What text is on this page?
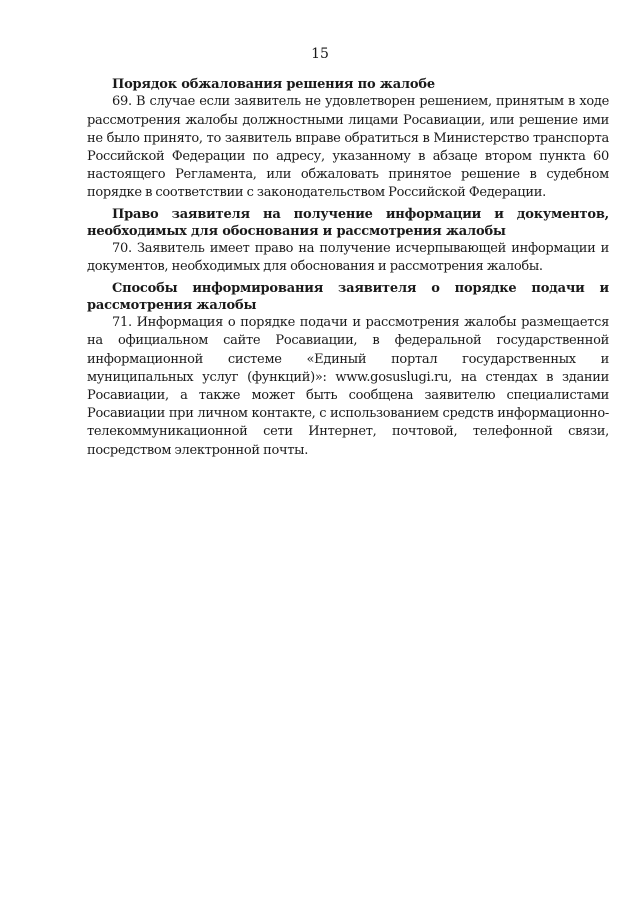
15

Порядок обжалования решения по жалобе

69. В случае если заявитель не удовлетворен решением, принятым в ходе рассмотрения жалобы должностными лицами Росавиации, или решение ими не было принято, то заявитель вправе обратиться в Министерство транспорта Российской Федерации по адресу, указанному в абзаце втором пункта 60 настоящего Регламента, или обжаловать принятое решение в судебном порядке в соответствии с законодательством Российской Федерации.

Право заявителя на получение информации и документов, необходимых для обоснования и рассмотрения жалобы

70. Заявитель имеет право на получение исчерпывающей информации и документов, необходимых для обоснования и рассмотрения жалобы.

Способы информирования заявителя о порядке подачи и рассмотрения жалобы

71. Информация о порядке подачи и рассмотрения жалобы размещается на официальном сайте Росавиации, в федеральной государственной информационной системе «Единый портал государственных и муниципальных услуг (функций)»: www.gosuslugi.ru, на стендах в здании Росавиации, а также может быть сообщена заявителю специалистами Росавиации при личном контакте, с использованием средств информационно-телекоммуникационной сети Интернет, почтовой, телефонной связи, посредством электронной почты.
